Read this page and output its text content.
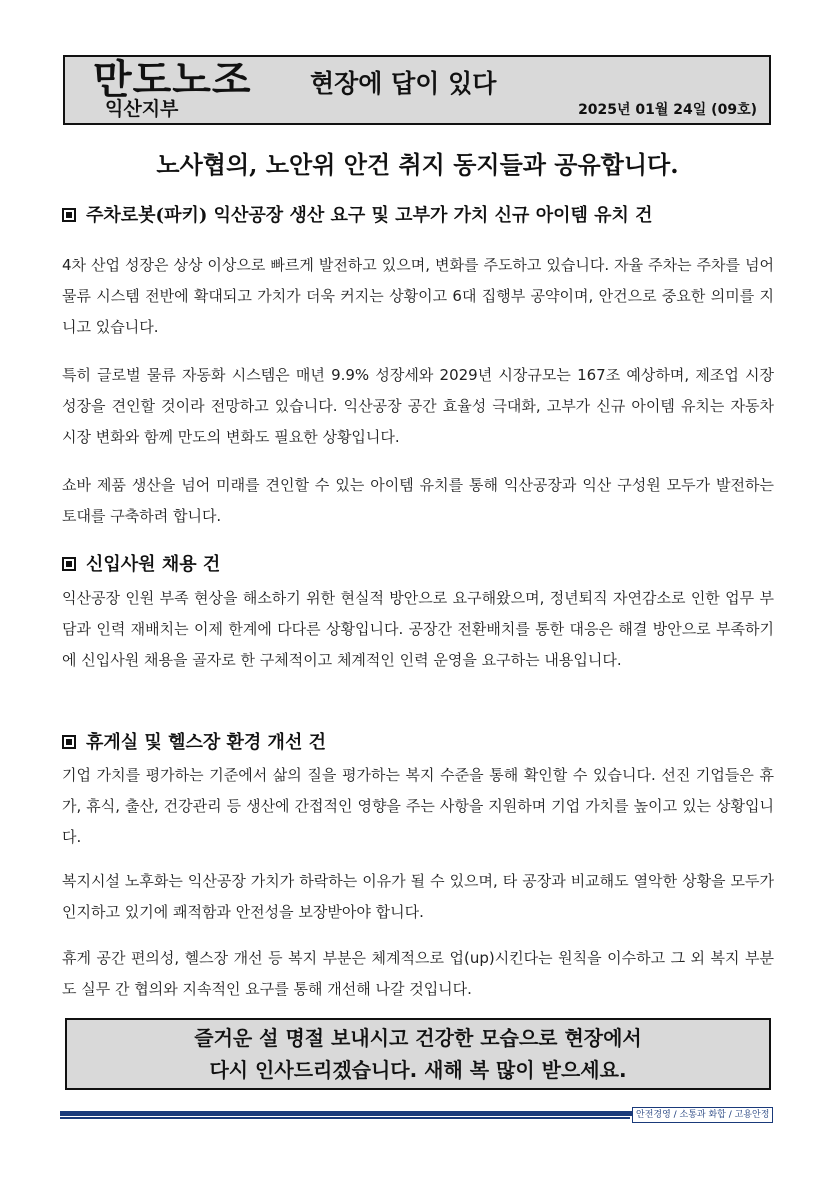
만도노조
익산지부
현장에 답이 있다
2025년 01월 24일 (09호)
노사협의, 노안위 안건 취지 동지들과 공유합니다.
주차로봇(파키) 익산공장 생산 요구 및 고부가 가치 신규 아이템 유치 건
4차 산업 성장은 상상 이상으로 빠르게 발전하고 있으며, 변화를 주도하고 있습니다. 자율 주차는 주차를 넘어 물류 시스템 전반에 확대되고 가치가 더욱 커지는 상황이고 6대 집행부 공약이며, 안건으로 중요한 의미를 지니고 있습니다.
특히 글로벌 물류 자동화 시스템은 매년 9.9% 성장세와 2029년 시장규모는 167조 예상하며, 제조업 시장 성장을 견인할 것이라 전망하고 있습니다. 익산공장 공간 효율성 극대화, 고부가 신규 아이템 유치는 자동차 시장 변화와 함께 만도의 변화도 필요한 상황입니다.
쇼바 제품 생산을 넘어 미래를 견인할 수 있는 아이템 유치를 통해 익산공장과 익산 구성원 모두가 발전하는 토대를 구축하려 합니다.
신입사원 채용 건
익산공장 인원 부족 현상을 해소하기 위한 현실적 방안으로 요구해왔으며, 정년퇴직 자연감소로 인한 업무 부담과 인력 재배치는 이제 한계에 다다른 상황입니다. 공장간 전환배치를 통한 대응은 해결 방안으로 부족하기에 신입사원 채용을 골자로 한 구체적이고 체계적인 인력 운영을 요구하는 내용입니다.
휴게실 및 헬스장 환경 개선 건
기업 가치를 평가하는 기준에서 삶의 질을 평가하는 복지 수준을 통해 확인할 수 있습니다. 선진 기업들은 휴가, 휴식, 출산, 건강관리 등 생산에 간접적인 영향을 주는 사항을 지원하며 기업 가치를 높이고 있는 상황입니다.
복지시설 노후화는 익산공장 가치가 하락하는 이유가 될 수 있으며, 타 공장과 비교해도 열악한 상황을 모두가 인지하고 있기에 쾌적함과 안전성을 보장받아야 합니다.
휴게 공간 편의성, 헬스장 개선 등 복지 부분은 체계적으로 업(up)시킨다는 원칙을 이수하고 그 외 복지 부분도 실무 간 협의와 지속적인 요구를 통해 개선해 나갈 것입니다.
즐거운 설 명절 보내시고 건강한 모습으로 현장에서
다시 인사드리겠습니다. 새해 복 많이 받으세요.
안전경영 / 소통과 화합 / 고용안정
